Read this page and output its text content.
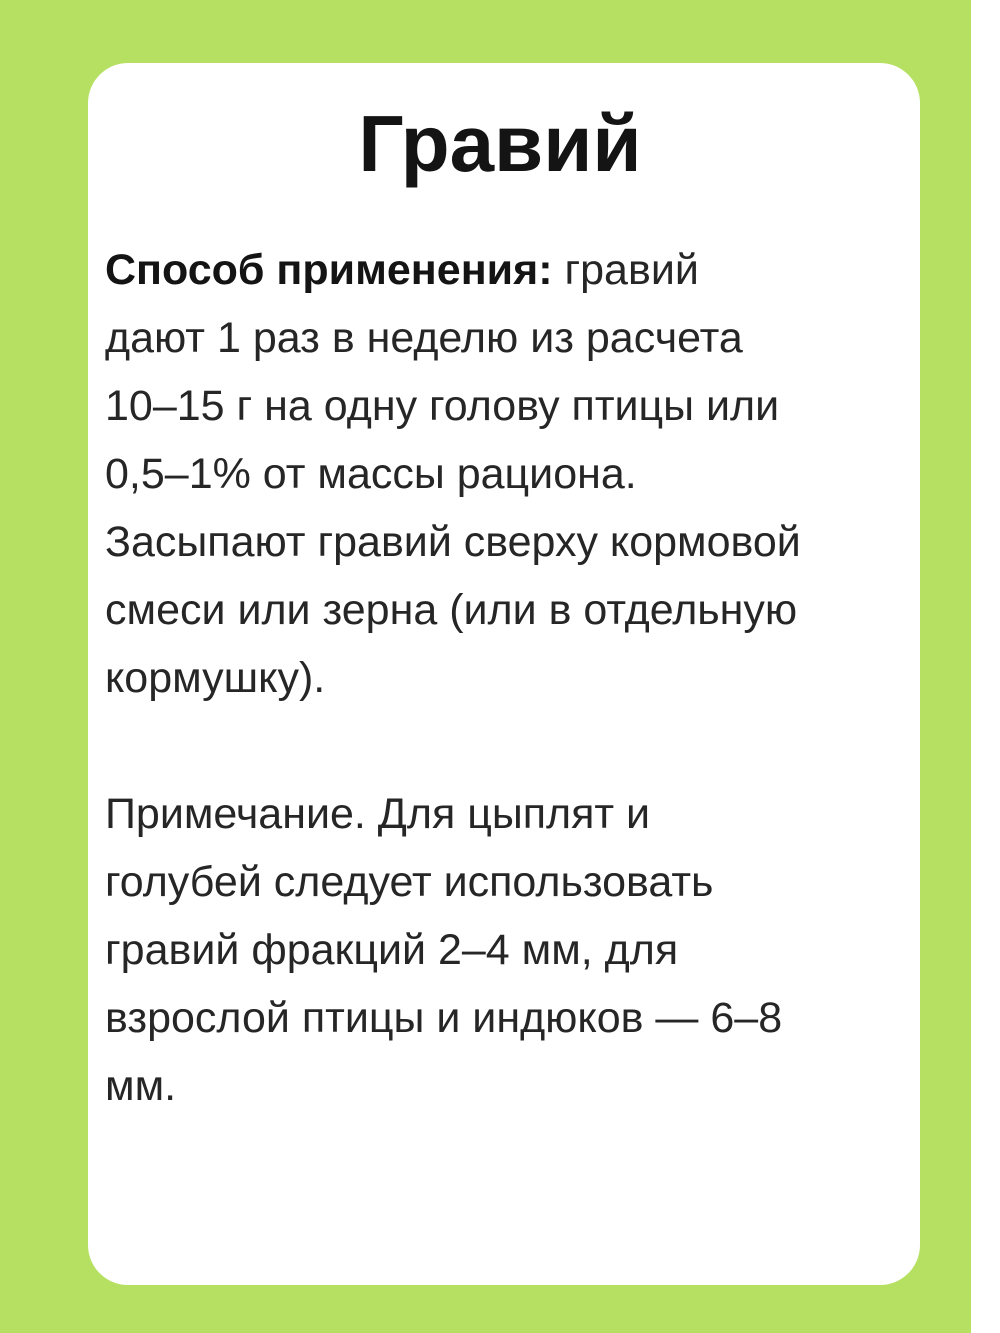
Гравий

Способ применения: гравий
дают 1 раз в неделю из расчета
10–15 г на одну голову птицы или
0,5–1% от массы рациона.
Засыпают гравий сверху кормовой
смеси или зерна (или в отдельную
кормушку).

Примечание. Для цыплят и
голубей следует использовать
гравий фракций 2–4 мм, для
взрослой птицы и индюков — 6–8
мм.
